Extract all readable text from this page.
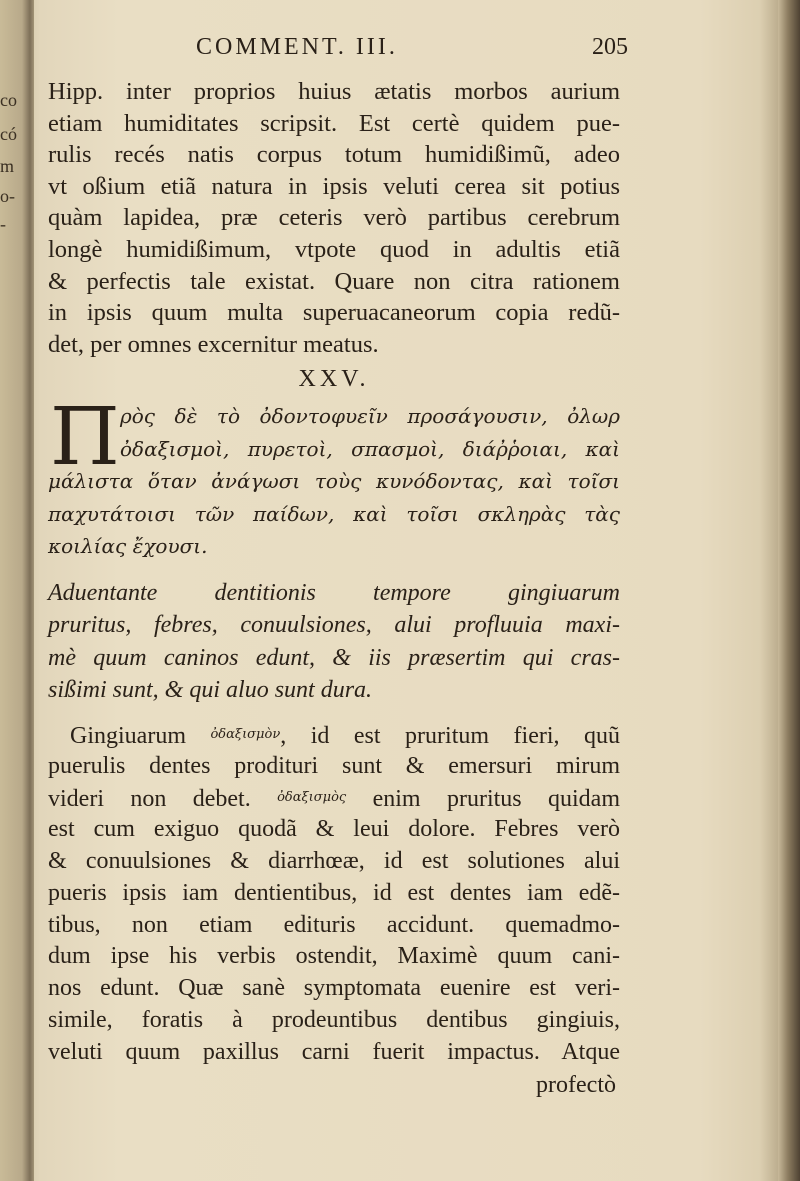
co
có
m
o-
-
COMMENT. III.	205
Hipp. inter proprios huius ætatis morbos aurium
etiam humiditates scripsit. Est certè quidem pue-
rulis recés natis corpus totum humidißimũ, adeo
vt oßium etiã natura in ipsis veluti cerea sit potius
quàm lapidea, præ ceteris verò partibus cerebrum
longè humidißimum, vtpote quod in adultis etiã
& perfectis tale existat. Quare non citra rationem
in ipsis quum multa superuacaneorum copia redũ-
det, per omnes excernitur meatus.
XXV.
Π ρὸς δὲ τὸ ὀδοντοφυεῖν προσάγουσιν, ὀλωρ
ὀδαξισμοὶ, πυρετοὶ, σπασμοὶ, διάῤῥοιαι, καὶ
μάλιστα ὅταν ἀνάγωσι τοὺς κυνόδοντας, καὶ τοῖσι
παχυτάτοισι τῶν παίδων, καὶ τοῖσι σκληρὰς τὰς
κοιλίας ἔχουσι.
Aduentante dentitionis tempore gingiuarum
pruritus, febres, conuulsiones, alui profluuia maxi-
mè quum caninos edunt, & iis præsertim qui cras-
sißimi sunt, & qui aluo sunt dura.
Gingiuarum $^{ὀ\delta\alpha\xi\iota\sigma\mu ὸ\nu}$, id est pruritum fieri, quũ
puerulis dentes prodituri sunt & emersuri mirum
videri non debet. $^{ὀ\delta\alpha\xi\iota\sigma\mu ὸ\varsigma}$ enim pruritus quidam
est cum exiguo quodã & leui dolore. Febres verò
& conuulsiones & diarrhœæ, id est solutiones alui
pueris ipsis iam dentientibus, id est dentes iam edẽ-
tibus, non etiam edituris accidunt. quemadmo-
dum ipse his verbis ostendit, Maximè quum cani-
nos edunt. Quæ sanè symptomata euenire est veri-
simile, foratis à prodeuntibus dentibus gingiuis,
veluti quum paxillus carni fuerit impactus. Atque
profectò
